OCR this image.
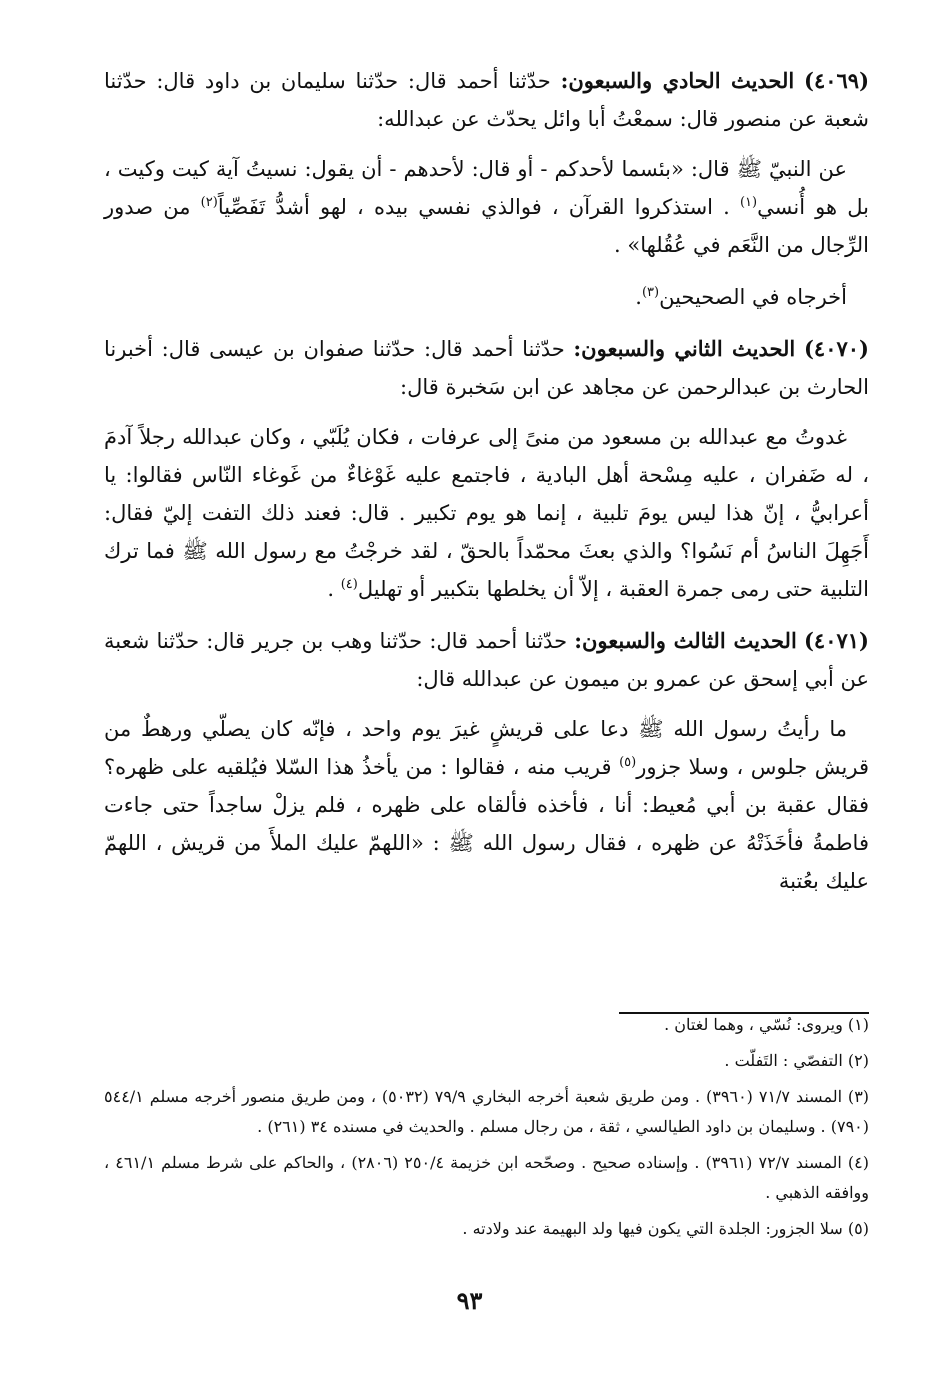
(٤٠٦٩) الحديث الحادي والسبعون: حدّثنا أحمد قال: حدّثنا سليمان بن داود قال: حدّثنا شعبة عن منصور قال: سمعْتُ أبا وائل يحدّث عن عبدالله:

عن النبيّ ﷺ قال: «بئسما لأحدكم - أو قال: لأحدهم - أن يقول: نسيتُ آية كيت وكيت ، بل هو أُنسي$^{(١)}$ . استذكروا القرآن ، فوالذي نفسي بيده ، لهو أشدُّ تَفَصِّياً$^{(٢)}$ من صدور الرِّجال من النَّعَم في عُقُلها» .

أخرجاه في الصحيحين$^{(٣)}$.

(٤٠٧٠) الحديث الثاني والسبعون: حدّثنا أحمد قال: حدّثنا صفوان بن عيسى قال: أخبرنا الحارث بن عبدالرحمن عن مجاهد عن ابن سَخبرة قال:

غدوتُ مع عبدالله بن مسعود من منىً إلى عرفات ، فكان يُلَبّي ، وكان عبدالله رجلاً آدمَ ، له ضَفران ، عليه مِسْحة أهل البادية ، فاجتمع عليه غَوْغاءٌ من غَوغاء النّاس فقالوا: يا أعرابيُّ ، إنّ هذا ليس يومَ تلبية ، إنما هو يوم تكبير . قال: فعند ذلك التفت إليّ فقال: أَجَهِلَ الناسُ أم نَسُوا؟ والذي بعثَ محمّداً بالحقّ ، لقد خرجْتُ مع رسول الله ﷺ فما ترك التلبية حتى رمى جمرة العقبة ، إلاّ أن يخلطها بتكبير أو تهليل$^{(٤)}$ .

(٤٠٧١) الحديث الثالث والسبعون: حدّثنا أحمد قال: حدّثنا وهب بن جرير قال: حدّثنا شعبة عن أبي إسحق عن عمرو بن ميمون عن عبدالله قال:

ما رأيتُ رسول الله ﷺ دعا على قريشٍ غيرَ يوم واحد ، فإنّه كان يصلّي ورهطٌ من قريش جلوس ، وسلا جزور$^{(٥)}$ قريب منه ، فقالوا : من يأخذُ هذا السّلا فيُلقيه على ظهره؟ فقال عقبة بن أبي مُعيط: أنا ، فأخذه فألقاه على ظهره ، فلم يزلْ ساجداً حتى جاءت فاطمةُ فأخَذَتْهُ عن ظهره ، فقال رسول الله ﷺ : «اللهمّ عليك الملأَ من قريش ، اللهمّ عليك بعُتبة

(١) ويروى: نُسّي ، وهما لغتان .

(٢) التفصّي : التَفلّت .

(٣) المسند ٧١/٧ (٣٩٦٠) . ومن طريق شعبة أخرجه البخاري ٧٩/٩ (٥٠٣٢) ، ومن طريق منصور أخرجه مسلم ٥٤٤/١ (٧٩٠) . وسليمان بن داود الطيالسي ، ثقة ، من رجال مسلم . والحديث في مسنده ٣٤ (٢٦١) .

(٤) المسند ٧٢/٧ (٣٩٦١) . وإسناده صحيح . وصحّحه ابن خزيمة ٢٥٠/٤ (٢٨٠٦) ، والحاكم على شرط مسلم ٤٦١/١ ، ووافقه الذهبي .

(٥) سلا الجزور: الجلدة التي يكون فيها ولد البهيمة عند ولادته .

٩٣
